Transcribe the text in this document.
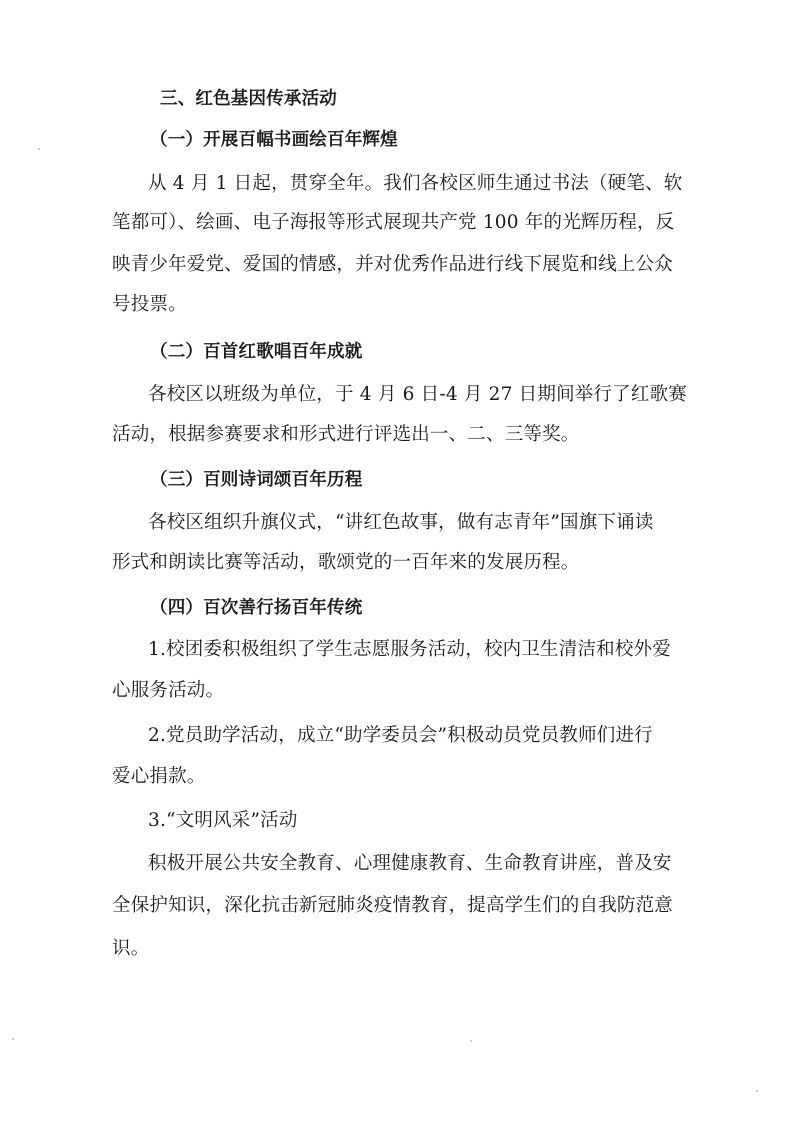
三、红色基因传承活动
（一）开展百幅书画绘百年辉煌
从 4 月 1 日起，贯穿全年。我们各校区师生通过书法（硬笔、软
笔都可）、绘画、电子海报等形式展现共产党 100 年的光辉历程，反
映青少年爱党、爱国的情感，并对优秀作品进行线下展览和线上公众
号投票。
（二）百首红歌唱百年成就
各校区以班级为单位，于 4 月 6 日-4 月 27 日期间举行了红歌赛
活动，根据参赛要求和形式进行评选出一、二、三等奖。
（三）百则诗词颂百年历程
各校区组织升旗仪式，“讲红色故事，做有志青年”国旗下诵读
形式和朗读比赛等活动，歌颂党的一百年来的发展历程。
（四）百次善行扬百年传统
1.校团委积极组织了学生志愿服务活动，校内卫生清洁和校外爱
心服务活动。
2.党员助学活动，成立“助学委员会”积极动员党员教师们进行
爱心捐款。
3.“文明风采”活动
积极开展公共安全教育、心理健康教育、生命教育讲座，普及安
全保护知识，深化抗击新冠肺炎疫情教育，提高学生们的自我防范意
识。
